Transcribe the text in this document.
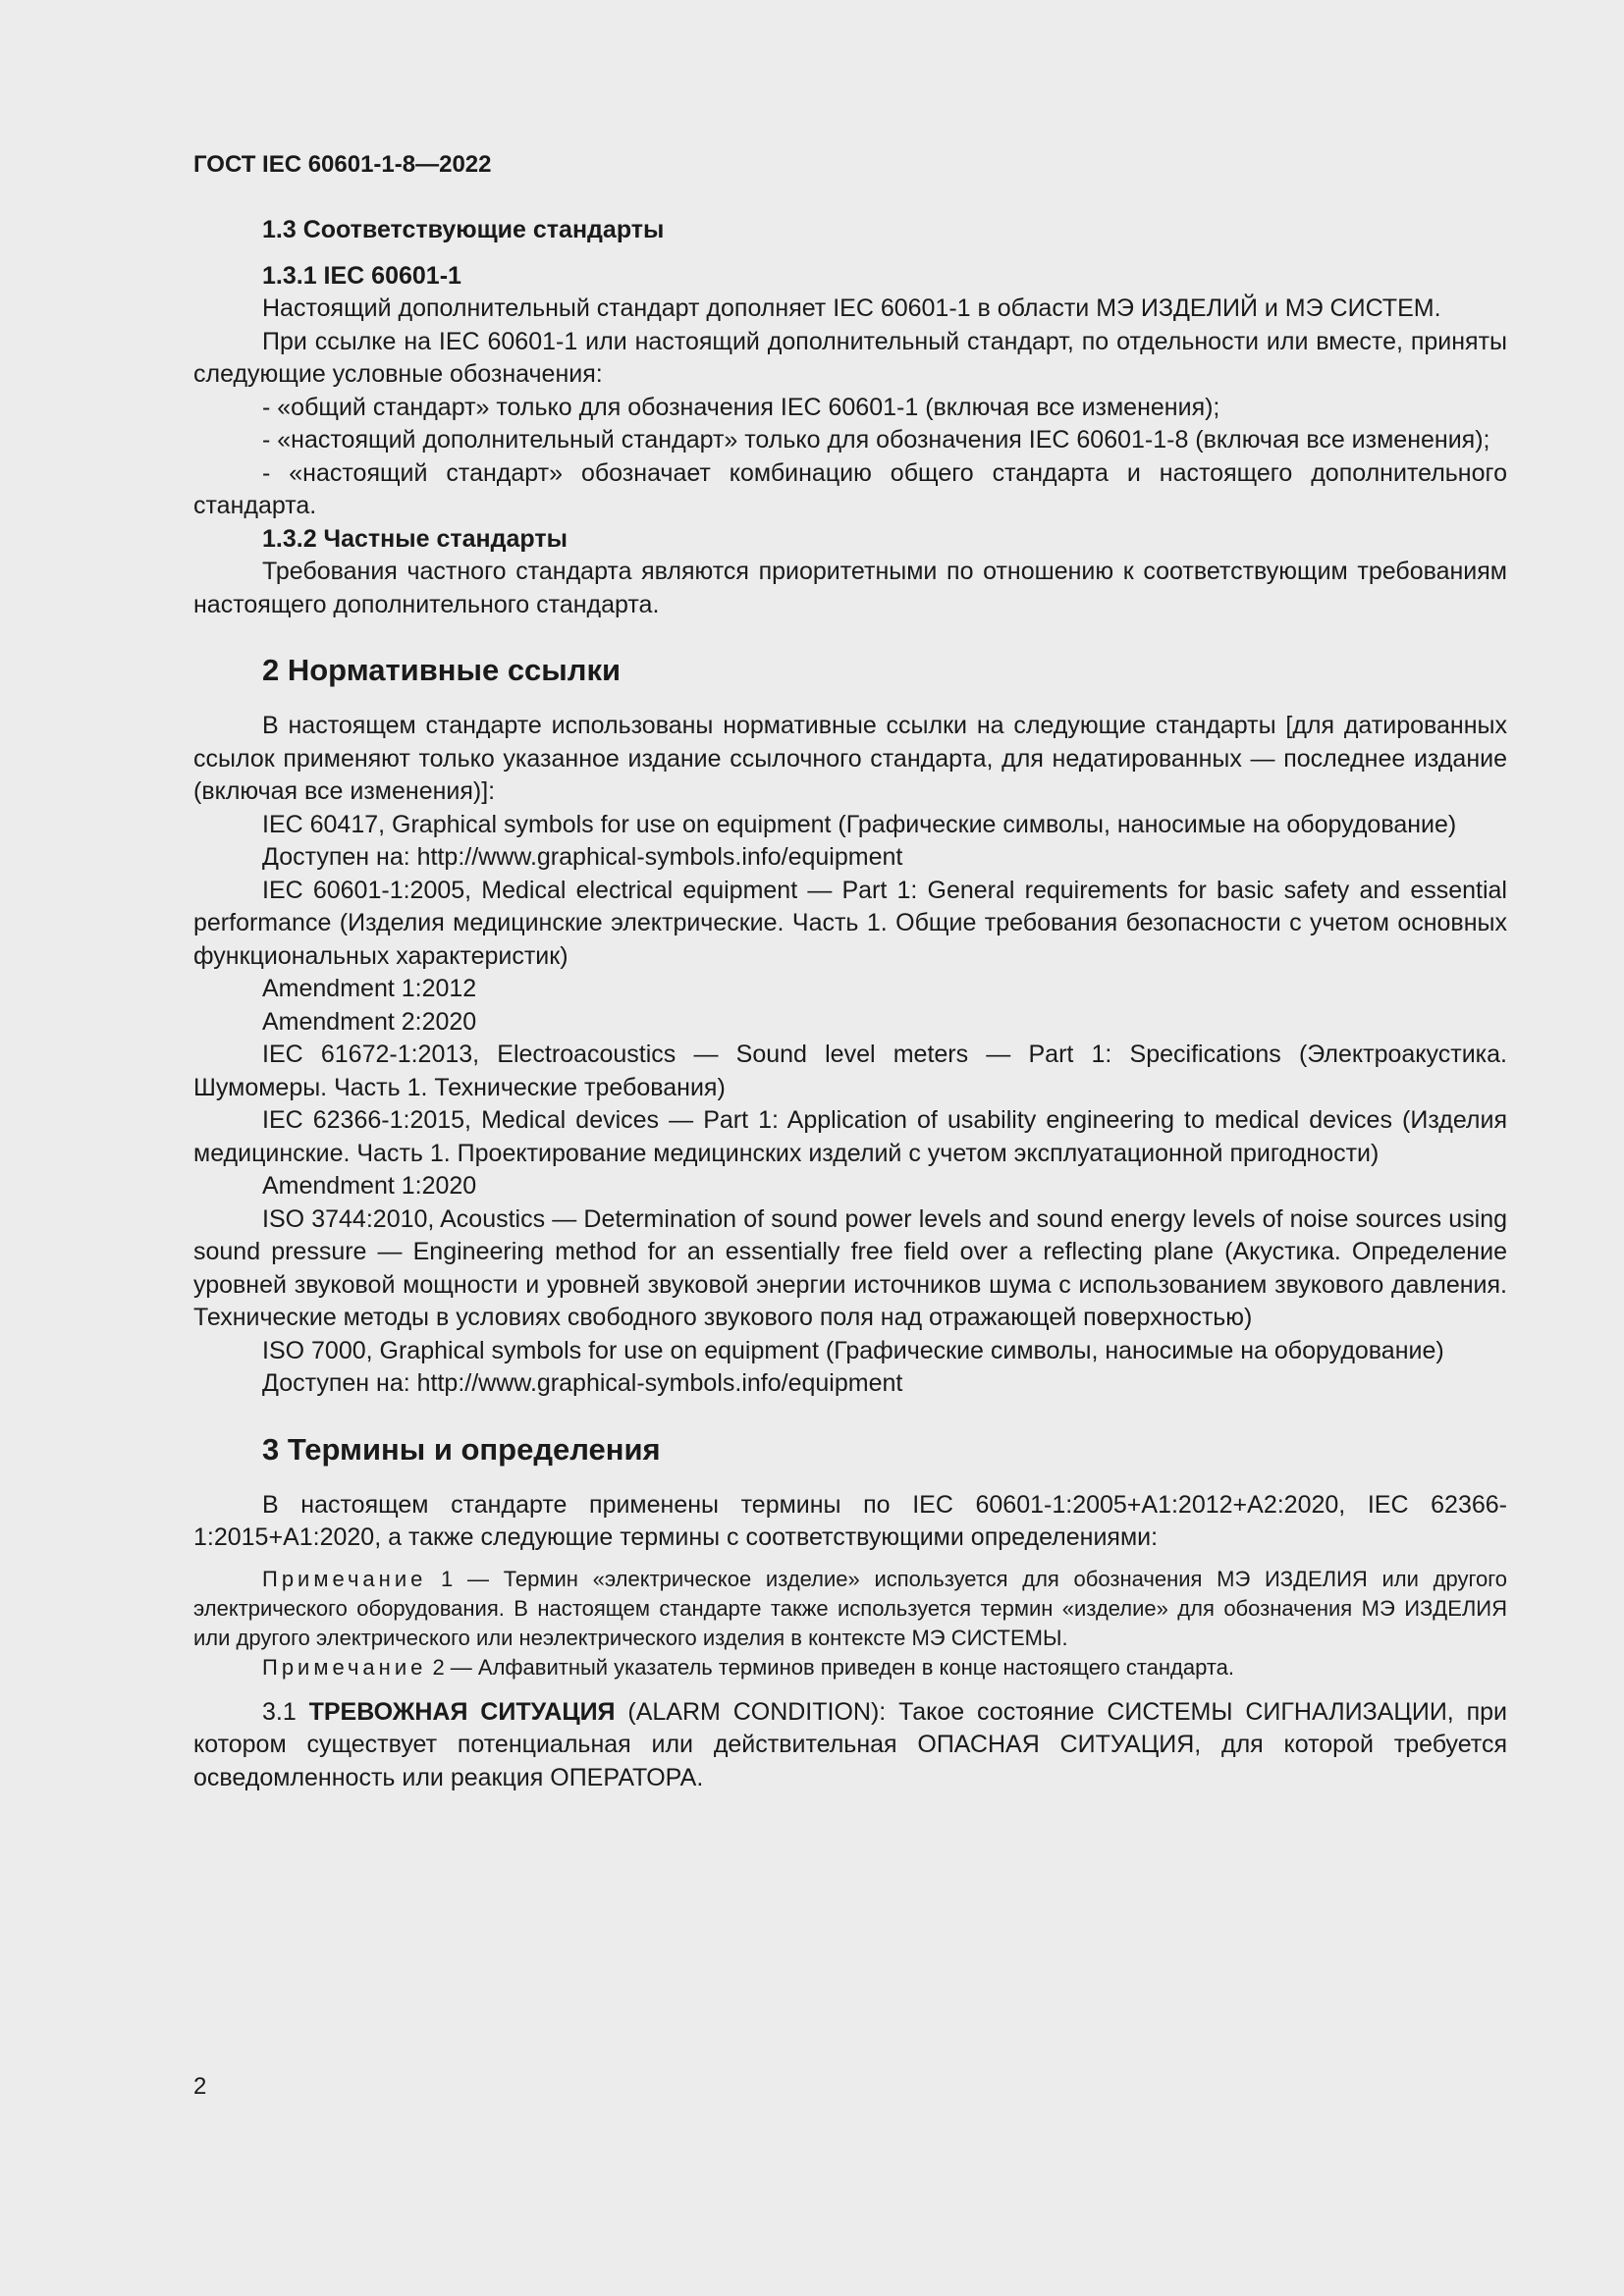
ГОСТ IEC 60601-1-8—2022
1.3 Соответствующие стандарты
1.3.1 IEC 60601-1

Настоящий дополнительный стандарт дополняет IEC 60601-1 в области МЭ ИЗДЕЛИЙ и МЭ СИСТЕМ.

При ссылке на IEC 60601-1 или настоящий дополнительный стандарт, по отдельности или вместе, приняты следующие условные обозначения:

- «общий стандарт» только для обозначения IEC 60601-1 (включая все изменения);

- «настоящий дополнительный стандарт» только для обозначения IEC 60601-1-8 (включая все изменения);

- «настоящий стандарт» обозначает комбинацию общего стандарта и настоящего дополнительного стандарта.

1.3.2 Частные стандарты

Требования частного стандарта являются приоритетными по отношению к соответствующим требованиям настоящего дополнительного стандарта.

2 Нормативные ссылки

В настоящем стандарте использованы нормативные ссылки на следующие стандарты [для датированных ссылок применяют только указанное издание ссылочного стандарта, для недатированных — последнее издание (включая все изменения)]:

IEC 60417, Graphical symbols for use on equipment (Графические символы, наносимые на оборудование)

Доступен на: http://www.graphical-symbols.info/equipment

IEC 60601-1:2005, Medical electrical equipment — Part 1: General requirements for basic safety and essential performance (Изделия медицинские электрические. Часть 1. Общие требования безопасности с учетом основных функциональных характеристик)

Amendment 1:2012

Amendment 2:2020

IEC 61672-1:2013, Electroacoustics — Sound level meters — Part 1: Specifications (Электроакустика. Шумомеры. Часть 1. Технические требования)

IEC 62366-1:2015, Medical devices — Part 1: Application of usability engineering to medical devices (Изделия медицинские. Часть 1. Проектирование медицинских изделий с учетом эксплуатационной пригодности)

Amendment 1:2020

ISO 3744:2010, Acoustics — Determination of sound power levels and sound energy levels of noise sources using sound pressure — Engineering method for an essentially free field over a reflecting plane (Акустика. Определение уровней звуковой мощности и уровней звуковой энергии источников шума с использованием звукового давления. Технические методы в условиях свободного звукового поля над отражающей поверхностью)

ISO 7000, Graphical symbols for use on equipment (Графические символы, наносимые на оборудование)

Доступен на: http://www.graphical-symbols.info/equipment

3 Термины и определения

В настоящем стандарте применены термины по IEC 60601-1:2005+A1:2012+A2:2020, IEC 62366-1:2015+A1:2020, а также следующие термины с соответствующими определениями:

Примечание 1 — Термин «электрическое изделие» используется для обозначения МЭ ИЗДЕЛИЯ или другого электрического оборудования. В настоящем стандарте также используется термин «изделие» для обозначения МЭ ИЗДЕЛИЯ или другого электрического или неэлектрического изделия в контексте МЭ СИСТЕМЫ.

Примечание 2 — Алфавитный указатель терминов приведен в конце настоящего стандарта.

3.1 ТРЕВОЖНАЯ СИТУАЦИЯ (ALARM CONDITION): Такое состояние СИСТЕМЫ СИГНАЛИЗАЦИИ, при котором существует потенциальная или действительная ОПАСНАЯ СИТУАЦИЯ, для которой требуется осведомленность или реакция ОПЕРАТОРА.

2
